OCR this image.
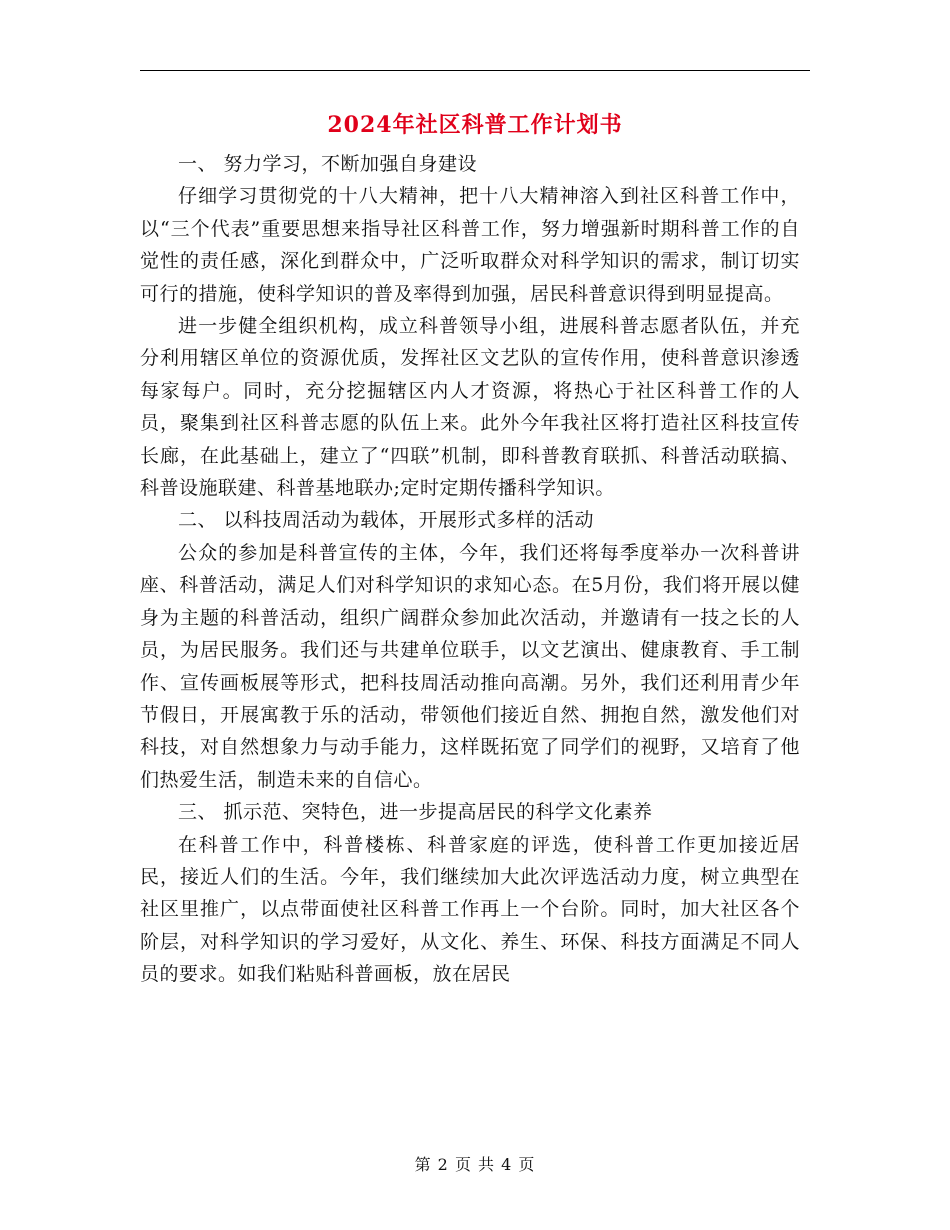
2024年社区科普工作计划书

一、 努力学习，不断加强自身建设

仔细学习贯彻党的十八大精神，把十八大精神溶入到社区科普工作中，以“三个代表”重要思想来指导社区科普工作，努力增强新时期科普工作的自觉性的责任感，深化到群众中，广泛听取群众对科学知识的需求，制订切实可行的措施，使科学知识的普及率得到加强，居民科普意识得到明显提高。

进一步健全组织机构，成立科普领导小组，进展科普志愿者队伍，并充分利用辖区单位的资源优质，发挥社区文艺队的宣传作用，使科普意识渗透每家每户。同时，充分挖掘辖区内人才资源，将热心于社区科普工作的人员，聚集到社区科普志愿的队伍上来。此外今年我社区将打造社区科技宣传长廊，在此基础上，建立了“四联”机制，即科普教育联抓、科普活动联搞、科普设施联建、科普基地联办;定时定期传播科学知识。

二、 以科技周活动为载体，开展形式多样的活动

公众的参加是科普宣传的主体，今年，我们还将每季度举办一次科普讲座、科普活动，满足人们对科学知识的求知心态。在5月份，我们将开展以健身为主题的科普活动，组织广阔群众参加此次活动，并邀请有一技之长的人员，为居民服务。我们还与共建单位联手，以文艺演出、健康教育、手工制作、宣传画板展等形式，把科技周活动推向高潮。另外，我们还利用青少年节假日，开展寓教于乐的活动，带领他们接近自然、拥抱自然，激发他们对科技，对自然想象力与动手能力，这样既拓宽了同学们的视野，又培育了他们热爱生活，制造未来的自信心。

三、 抓示范、突特色，进一步提高居民的科学文化素养

在科普工作中，科普楼栋、科普家庭的评选，使科普工作更加接近居民，接近人们的生活。今年，我们继续加大此次评选活动力度，树立典型在社区里推广，以点带面使社区科普工作再上一个台阶。同时，加大社区各个阶层，对科学知识的学习爱好，从文化、养生、环保、科技方面满足不同人员的要求。如我们粘贴科普画板，放在居民

第 2 页 共 4 页
